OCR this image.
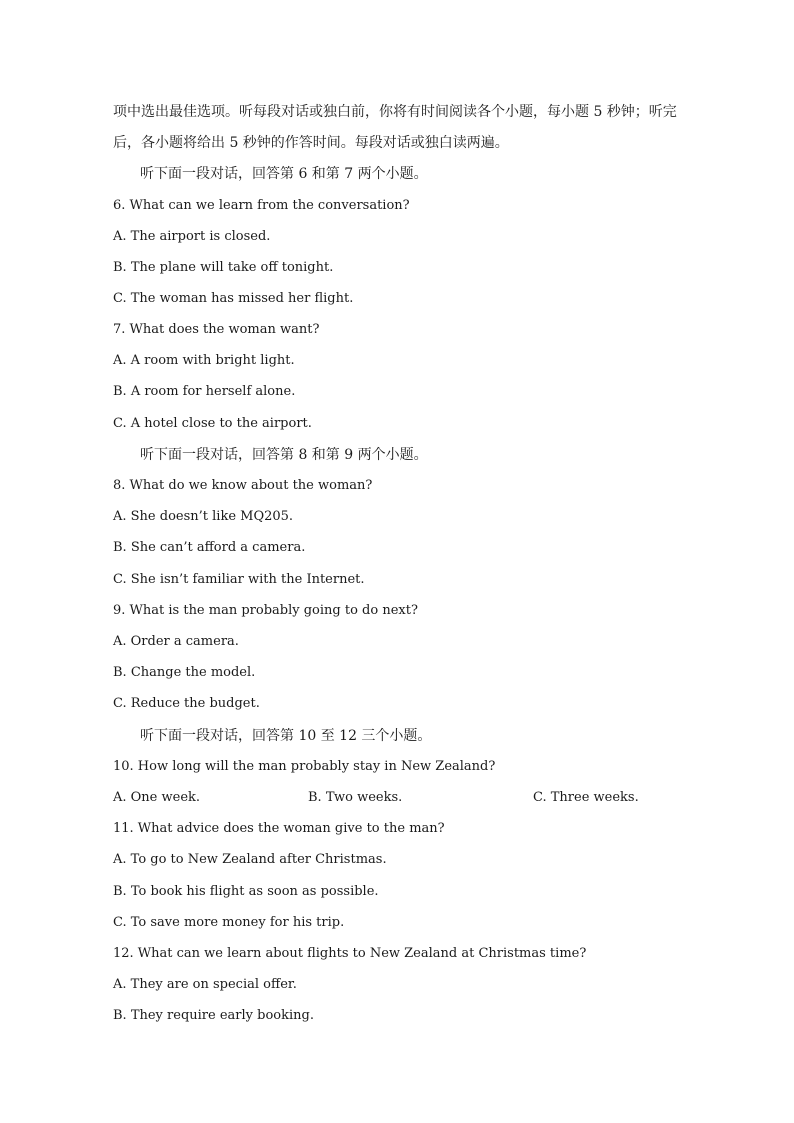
项中选出最佳选项。听每段对话或独白前，你将有时间阅读各个小题，每小题 5 秒钟；听完
后，各小题将给出 5 秒钟的作答时间。每段对话或独白读两遍。
听下面一段对话，回答第 6 和第 7 两个小题。
6. What can we learn from the conversation?
A. The airport is closed.
B. The plane will take off tonight.
C. The woman has missed her flight.
7. What does the woman want?
A. A room with bright light.
B. A room for herself alone.
C. A hotel close to the airport.
听下面一段对话，回答第 8 和第 9 两个小题。
8. What do we know about the woman?
A. She doesn’t like MQ205.
B. She can’t afford a camera.
C. She isn’t familiar with the Internet.
9. What is the man probably going to do next?
A. Order a camera.
B. Change the model.
C. Reduce the budget.
听下面一段对话，回答第 10 至 12 三个小题。
10. How long will the man probably stay in New Zealand?
A. One week.	B. Two weeks.	C. Three weeks.
11. What advice does the woman give to the man?
A. To go to New Zealand after Christmas.
B. To book his flight as soon as possible.
C. To save more money for his trip.
12. What can we learn about flights to New Zealand at Christmas time?
A. They are on special offer.
B. They require early booking.
